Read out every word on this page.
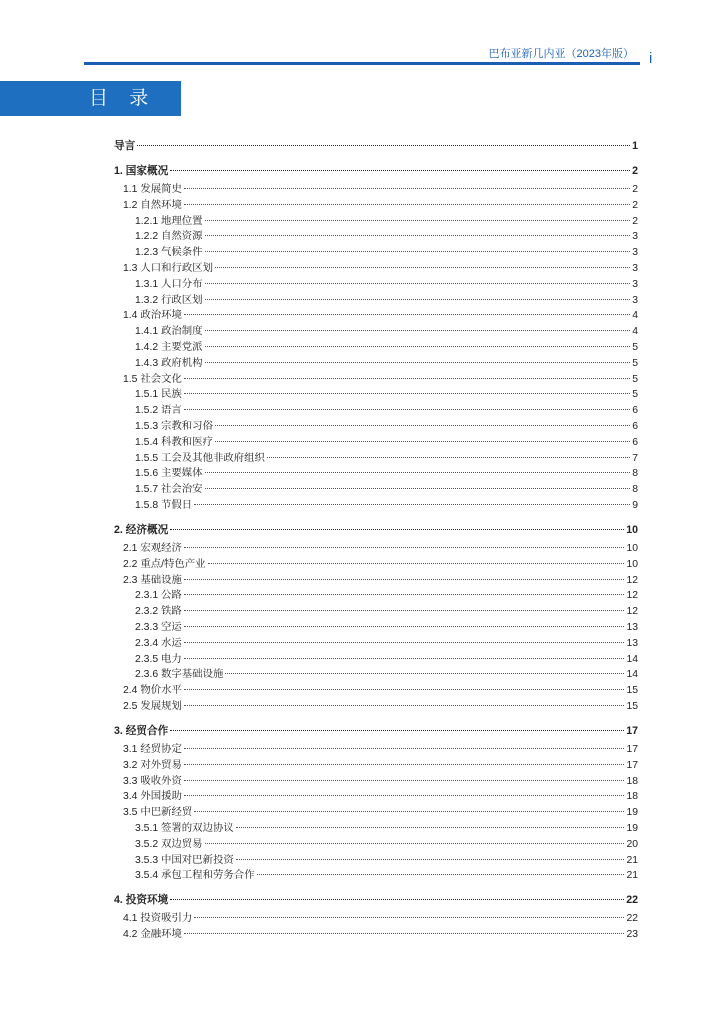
巴布亚新几内亚（2023年版） i
目 录
导言	1
1. 国家概况	2
1.1 发展简史	2
1.2 自然环境	2
1.2.1 地理位置	2
1.2.2 自然资源	3
1.2.3 气候条件	3
1.3 人口和行政区划	3
1.3.1 人口分布	3
1.3.2 行政区划	3
1.4 政治环境	4
1.4.1 政治制度	4
1.4.2 主要党派	5
1.4.3 政府机构	5
1.5 社会文化	5
1.5.1 民族	5
1.5.2 语言	6
1.5.3 宗教和习俗	6
1.5.4 科教和医疗	6
1.5.5 工会及其他非政府组织	7
1.5.6 主要媒体	8
1.5.7 社会治安	8
1.5.8 节假日	9
2. 经济概况	10
2.1 宏观经济	10
2.2 重点/特色产业	10
2.3 基础设施	12
2.3.1 公路	12
2.3.2 铁路	12
2.3.3 空运	13
2.3.4 水运	13
2.3.5 电力	14
2.3.6 数字基础设施	14
2.4 物价水平	15
2.5 发展规划	15
3. 经贸合作	17
3.1 经贸协定	17
3.2 对外贸易	17
3.3 吸收外资	18
3.4 外国援助	18
3.5 中巴新经贸	19
3.5.1 签署的双边协议	19
3.5.2 双边贸易	20
3.5.3 中国对巴新投资	21
3.5.4 承包工程和劳务合作	21
4. 投资环境	22
4.1 投资吸引力	22
4.2 金融环境	23
